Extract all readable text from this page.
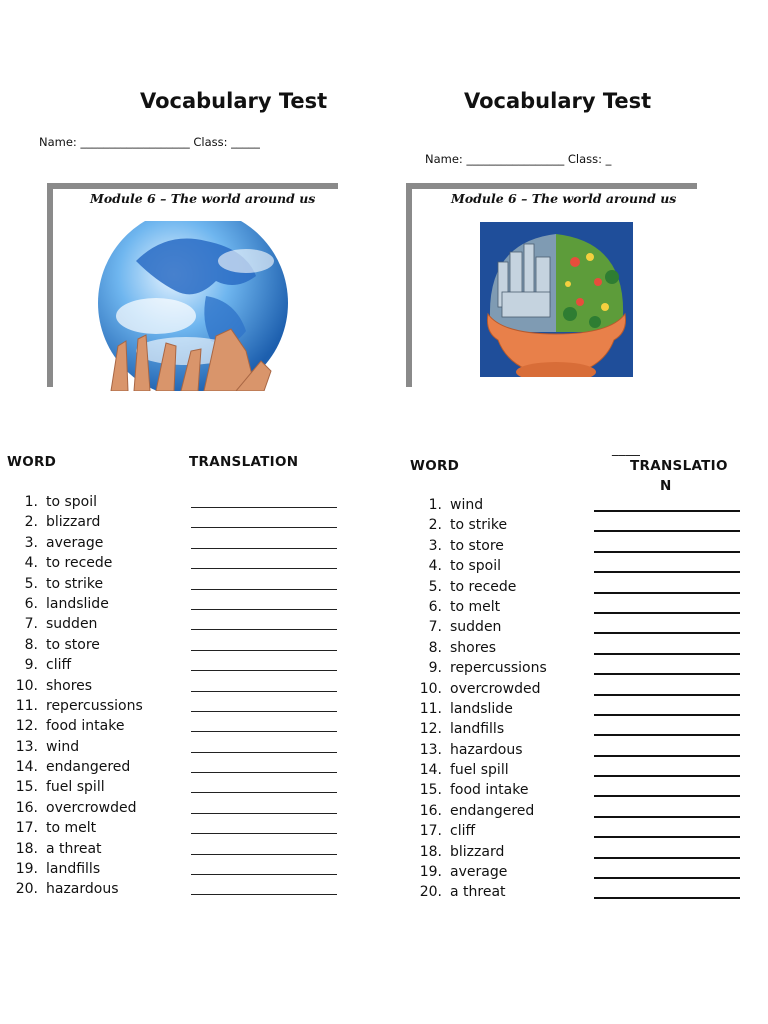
Vocabulary Test
Name: ___________________ Class: _____
Module 6 – The world around us
WORD	TRANSLATION
1. to spoil
2. blizzard
3. average
4. to recede
5. to strike
6. landslide
7. sudden
8. to store
9. cliff
10. shores
11. repercussions
12. food intake
13. wind
14. endangered
15. fuel spill
16. overcrowded
17. to melt
18. a threat
19. landfills
20. hazardous
Vocabulary Test
Name: _________________ Class: _
Module 6 – The world around us
____
WORD	TRANSLATIO
N
1. wind
2. to strike
3. to store
4. to spoil
5. to recede
6. to melt
7. sudden
8. shores
9. repercussions
10. overcrowded
11. landslide
12. landfills
13. hazardous
14. fuel spill
15. food intake
16. endangered
17. cliff
18. blizzard
19. average
20. a threat
